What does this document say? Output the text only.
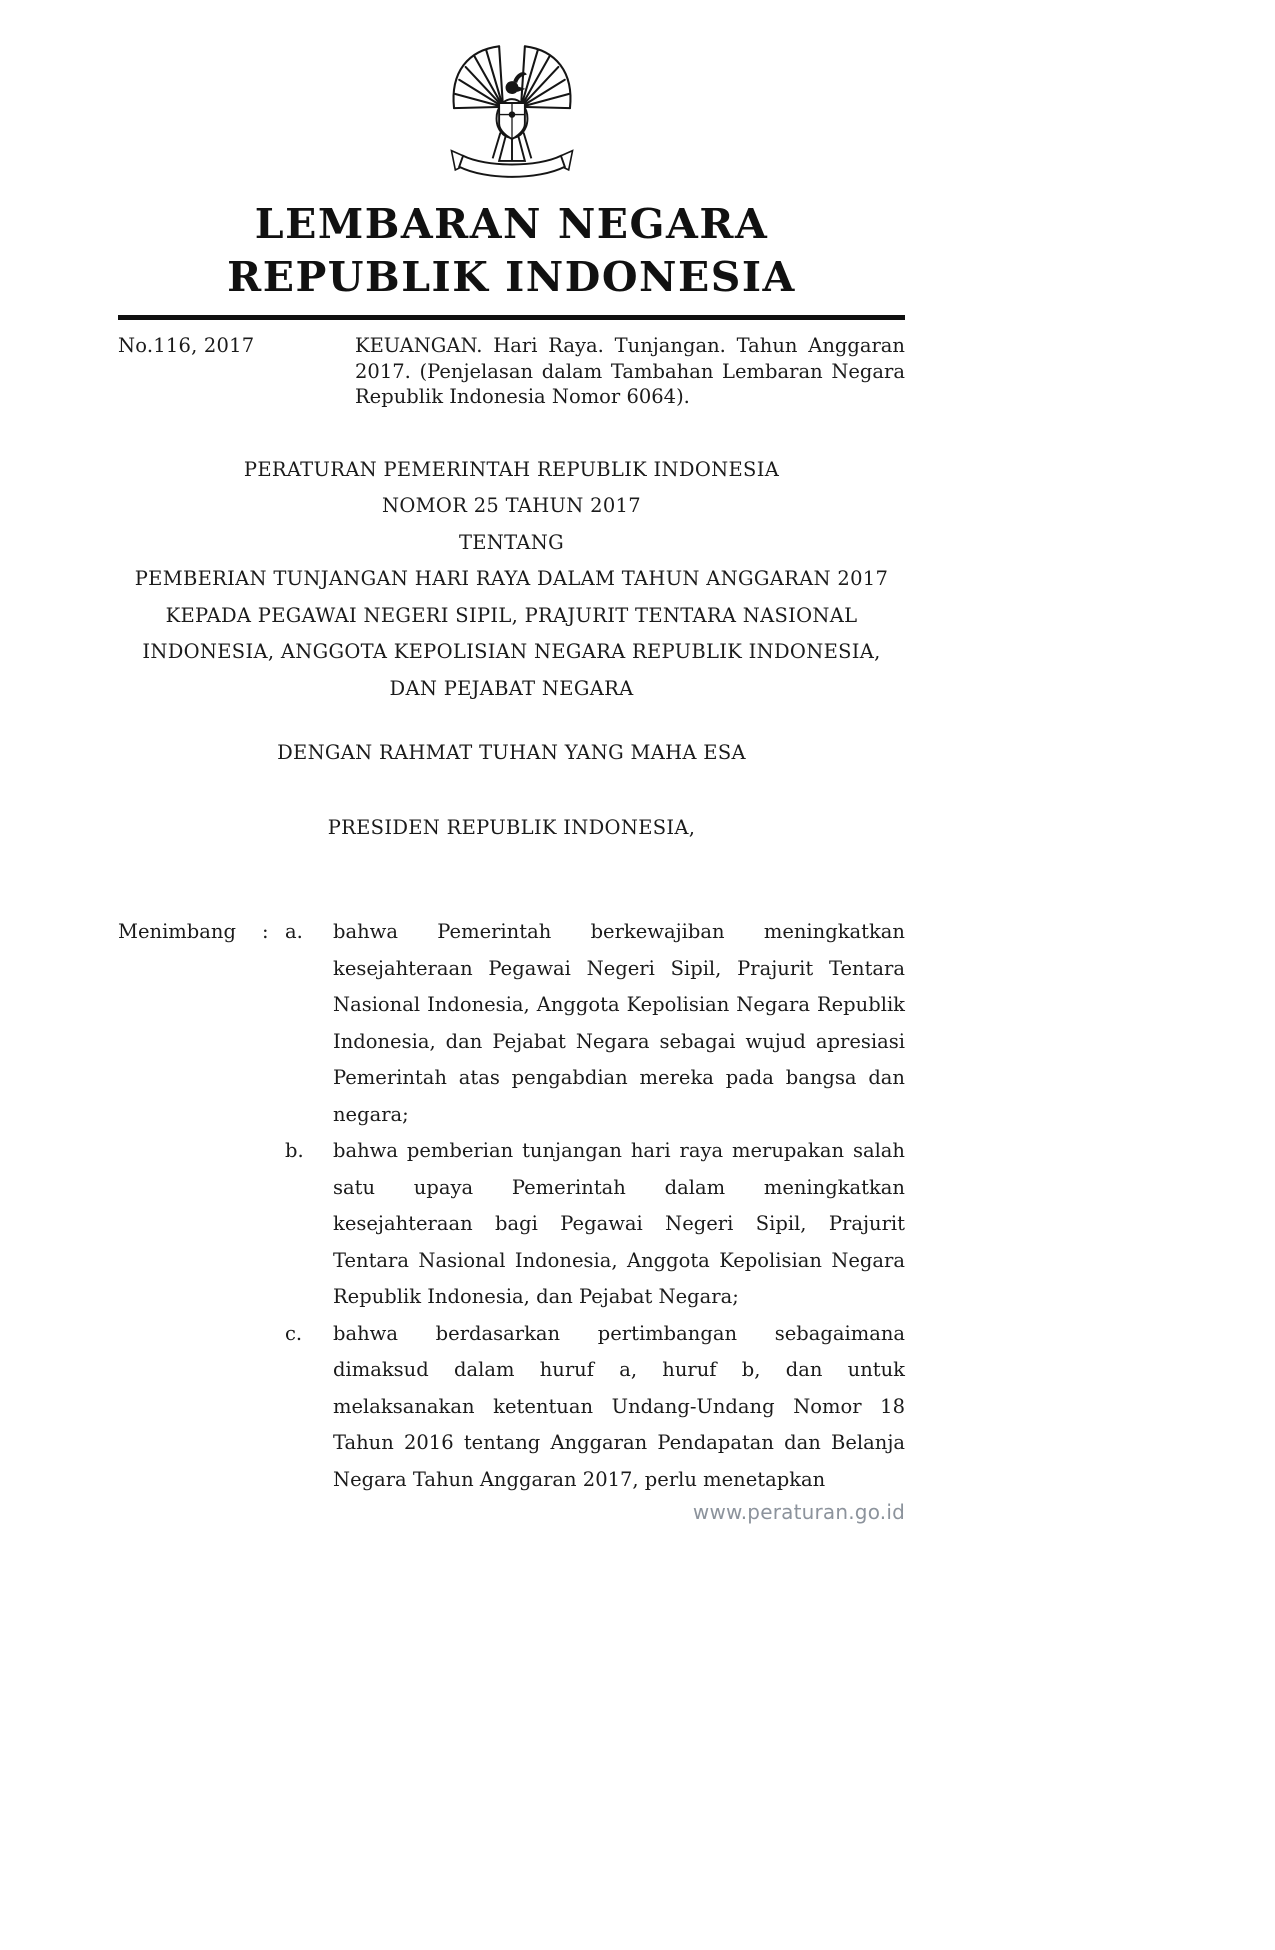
LEMBARAN NEGARA
REPUBLIK INDONESIA
No.116, 2017	KEUANGAN. Hari Raya. Tunjangan. Tahun Anggaran 2017. (Penjelasan dalam Tambahan Lembaran Negara Republik Indonesia Nomor 6064).
PERATURAN PEMERINTAH REPUBLIK INDONESIA
NOMOR 25 TAHUN 2017
TENTANG
PEMBERIAN TUNJANGAN HARI RAYA DALAM TAHUN ANGGARAN 2017
KEPADA PEGAWAI NEGERI SIPIL, PRAJURIT TENTARA NASIONAL
INDONESIA, ANGGOTA KEPOLISIAN NEGARA REPUBLIK INDONESIA,
DAN PEJABAT NEGARA
DENGAN RAHMAT TUHAN YANG MAHA ESA
PRESIDEN REPUBLIK INDONESIA,
Menimbang	: a.	bahwa Pemerintah berkewajiban meningkatkan kesejahteraan Pegawai Negeri Sipil, Prajurit Tentara Nasional Indonesia, Anggota Kepolisian Negara Republik Indonesia, dan Pejabat Negara sebagai wujud apresiasi Pemerintah atas pengabdian mereka pada bangsa dan negara;
b.	bahwa pemberian tunjangan hari raya merupakan salah satu upaya Pemerintah dalam meningkatkan kesejahteraan bagi Pegawai Negeri Sipil, Prajurit Tentara Nasional Indonesia, Anggota Kepolisian Negara Republik Indonesia, dan Pejabat Negara;
c.	bahwa berdasarkan pertimbangan sebagaimana dimaksud dalam huruf a, huruf b, dan untuk melaksanakan ketentuan Undang-Undang Nomor 18 Tahun 2016 tentang Anggaran Pendapatan dan Belanja Negara Tahun Anggaran 2017, perlu menetapkan
www.peraturan.go.id
